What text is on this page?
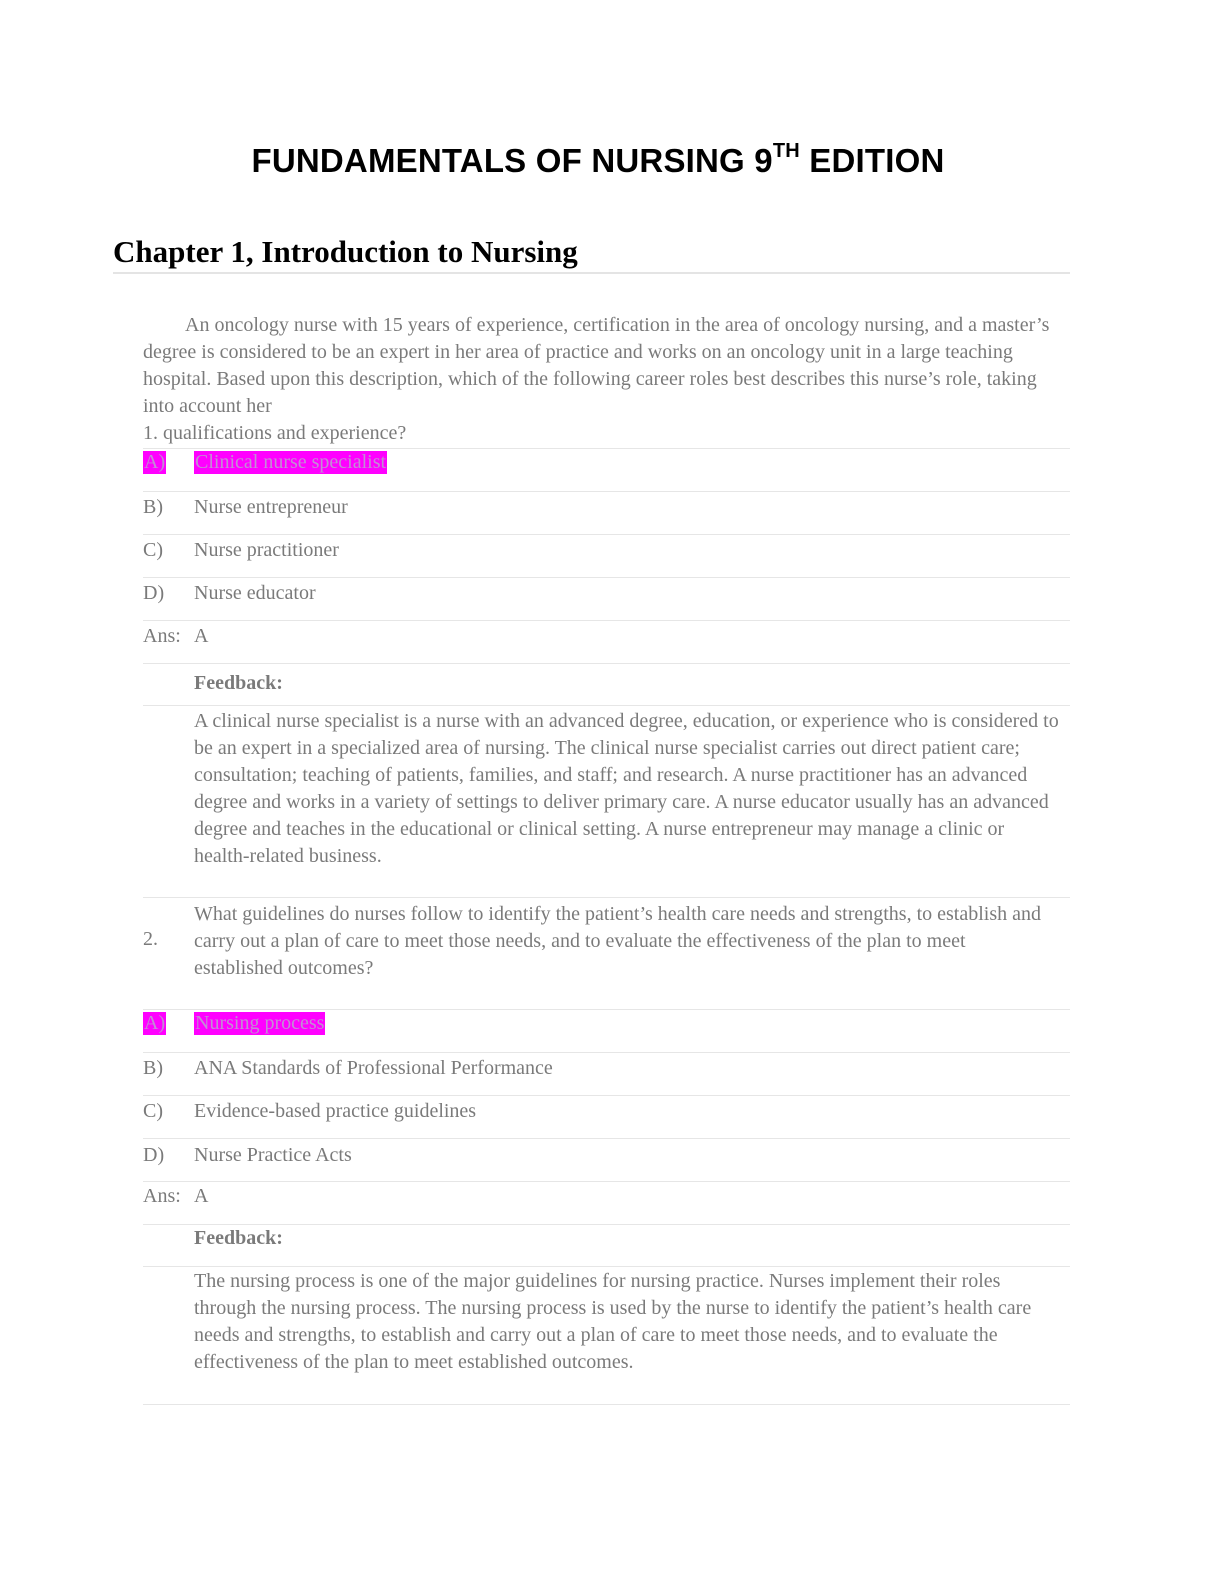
FUNDAMENTALS OF NURSING 9TH EDITION
Chapter 1, Introduction to Nursing
An oncology nurse with 15 years of experience, certification in the area of oncology nursing, and a master’s degree is considered to be an expert in her area of practice and works on an oncology unit in a large teaching hospital. Based upon this description, which of the following career roles best describes this nurse’s role, taking into account her
1. qualifications and experience?
A) Clinical nurse specialist
B) Nurse entrepreneur
C) Nurse practitioner
D) Nurse educator
Ans: A
Feedback:
A clinical nurse specialist is a nurse with an advanced degree, education, or experience who is considered to be an expert in a specialized area of nursing. The clinical nurse specialist carries out direct patient care; consultation; teaching of patients, families, and staff; and research. A nurse practitioner has an advanced degree and works in a variety of settings to deliver primary care. A nurse educator usually has an advanced degree and teaches in the educational or clinical setting. A nurse entrepreneur may manage a clinic or health-related business.
2.
What guidelines do nurses follow to identify the patient’s health care needs and strengths, to establish and carry out a plan of care to meet those needs, and to evaluate the effectiveness of the plan to meet established outcomes?
A) Nursing process
B) ANA Standards of Professional Performance
C) Evidence-based practice guidelines
D) Nurse Practice Acts
Ans: A
Feedback:
The nursing process is one of the major guidelines for nursing practice. Nurses implement their roles through the nursing process. The nursing process is used by the nurse to identify the patient’s health care needs and strengths, to establish and carry out a plan of care to meet those needs, and to evaluate the effectiveness of the plan to meet established outcomes.
